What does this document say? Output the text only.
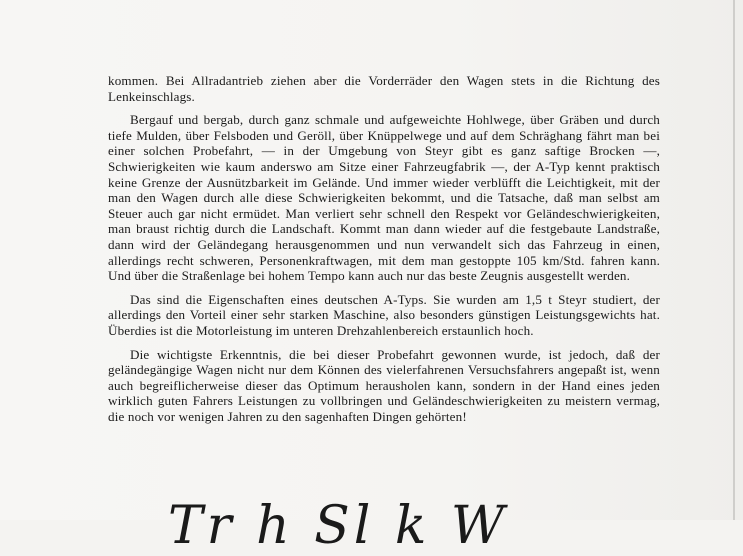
kommen. Bei Allradantrieb ziehen aber die Vorderräder den Wagen stets in die Richtung des Lenkeinschlags.

Bergauf und bergab, durch ganz schmale und aufgeweichte Hohlwege, über Gräben und durch tiefe Mulden, über Felsboden und Geröll, über Knüppelwege und auf dem Schräghang fährt man bei einer solchen Probefahrt, — in der Umgebung von Steyr gibt es ganz saftige Brocken —, Schwierigkeiten wie kaum anderswo am Sitze einer Fahrzeugfabrik —, der A-Typ kennt praktisch keine Grenze der Ausnützbarkeit im Gelände. Und immer wieder verblüfft die Leichtigkeit, mit der man den Wagen durch alle diese Schwierigkeiten bekommt, und die Tatsache, daß man selbst am Steuer auch gar nicht ermüdet. Man verliert sehr schnell den Respekt vor Geländeschwierigkeiten, man braust richtig durch die Landschaft. Kommt man dann wieder auf die festgebaute Landstraße, dann wird der Geländegang herausgenommen und nun verwandelt sich das Fahrzeug in einen, allerdings recht schweren, Personenkraftwagen, mit dem man gestoppte 105 km/Std. fahren kann. Und über die Straßenlage bei hohem Tempo kann auch nur das beste Zeugnis ausgestellt werden.

Das sind die Eigenschaften eines deutschen A-Typs. Sie wurden am 1,5 t Steyr studiert, der allerdings den Vorteil einer sehr starken Maschine, also besonders günstigen Leistungsgewichts hat. Überdies ist die Motorleistung im unteren Drehzahlenbereich erstaunlich hoch.

Die wichtigste Erkenntnis, die bei dieser Probefahrt gewonnen wurde, ist jedoch, daß der geländegängige Wagen nicht nur dem Können des vielerfahrenen Versuchsfahrers angepaßt ist, wenn auch begreiflicherweise dieser das Optimum herausholen kann, sondern in der Hand eines jeden wirklich guten Fahrers Leistungen zu vollbringen und Geländeschwierigkeiten zu meistern vermag, die noch vor wenigen Jahren zu den sagenhaften Dingen gehörten!

Tr h Sl k W
